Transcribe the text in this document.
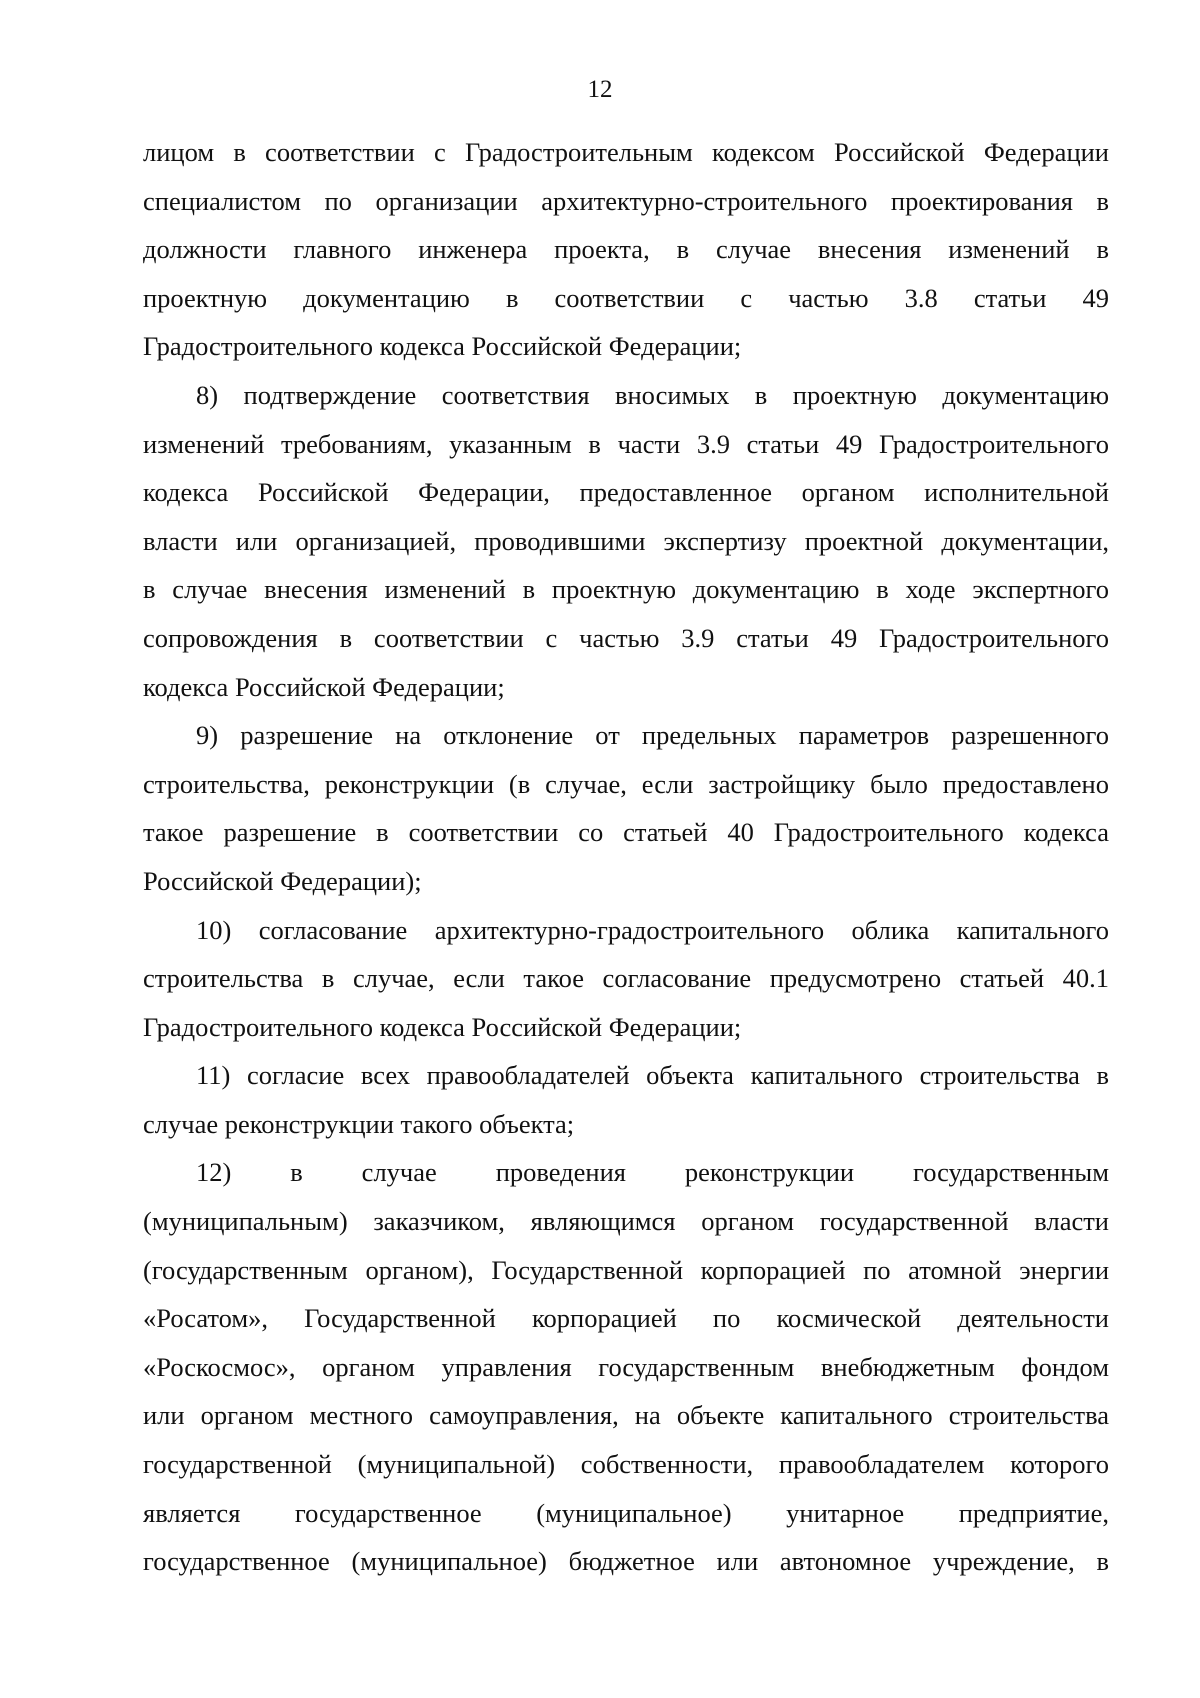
12

лицом в соответствии с Градостроительным кодексом Российской Федерации
специалистом по организации архитектурно-строительного проектирования в
должности главного инженера проекта, в случае внесения изменений в
проектную документацию в соответствии с частью 3.8 статьи 49
Градостроительного кодекса Российской Федерации;

8) подтверждение соответствия вносимых в проектную документацию
изменений требованиям, указанным в части 3.9 статьи 49 Градостроительного
кодекса Российской Федерации, предоставленное органом исполнительной
власти или организацией, проводившими экспертизу проектной документации,
в случае внесения изменений в проектную документацию в ходе экспертного
сопровождения в соответствии с частью 3.9 статьи 49 Градостроительного
кодекса Российской Федерации;

9) разрешение на отклонение от предельных параметров разрешенного
строительства, реконструкции (в случае, если застройщику было предоставлено
такое разрешение в соответствии со статьей 40 Градостроительного кодекса
Российской Федерации);

10) согласование архитектурно-градостроительного облика капитального
строительства в случае, если такое согласование предусмотрено статьей 40.1
Градостроительного кодекса Российской Федерации;

11) согласие всех правообладателей объекта капитального строительства в
случае реконструкции такого объекта;

12) в случае проведения реконструкции государственным
(муниципальным) заказчиком, являющимся органом государственной власти
(государственным органом), Государственной корпорацией по атомной энергии
«Росатом», Государственной корпорацией по космической деятельности
«Роскосмос», органом управления государственным внебюджетным фондом
или органом местного самоуправления, на объекте капитального строительства
государственной (муниципальной) собственности, правообладателем которого
является государственное (муниципальное) унитарное предприятие,
государственное (муниципальное) бюджетное или автономное учреждение, в
